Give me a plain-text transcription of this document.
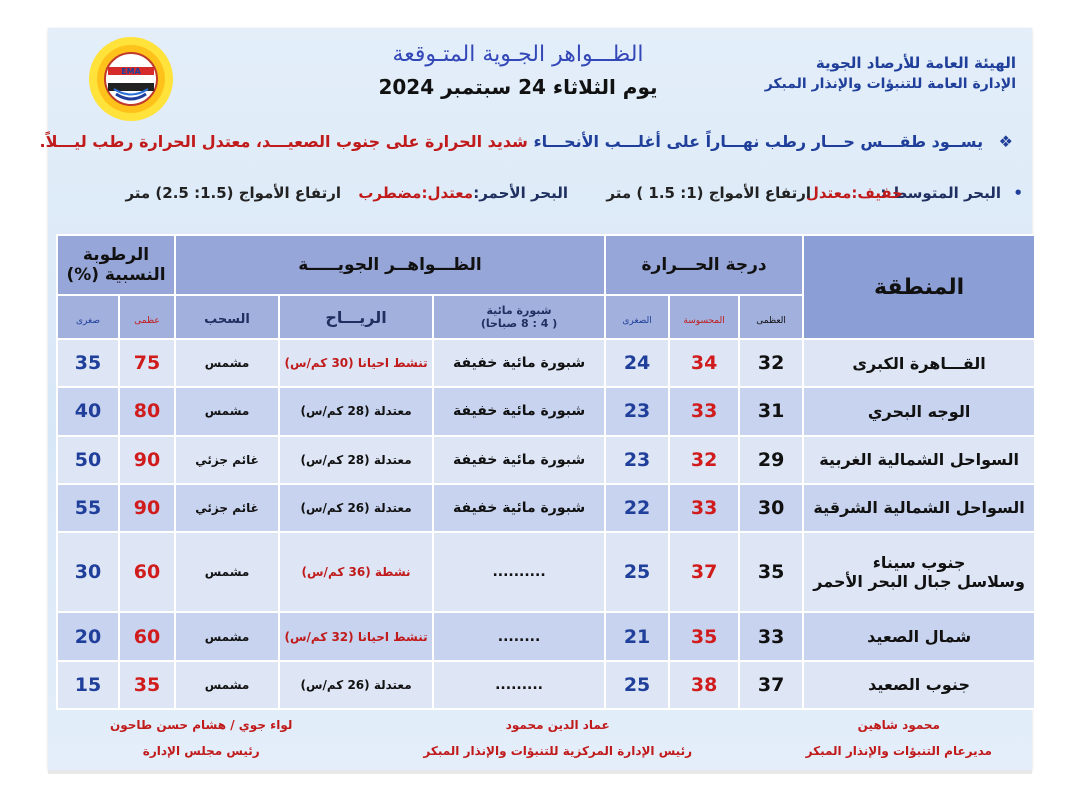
EMA
الظـــواهر الجـوية المتـوقعة
يوم الثلاثاء 24 سبتمبر 2024
الهيئة العامة للأرصاد الجوية
الإدارة العامة للتنبؤات والإنذار المبكر
❖ يســود طقـــس حـــار رطب نهـــاراً على أغلـــب الأنحـــاء شديد الحرارة على جنوب الصعيـــد، معتدل الحرارة رطب ليـــلاً.
•
البحر المتوسط :
خفيف:معتدل
ارتفاع الأمواج (1: 1.5 ) متر
البحر الأحمر:
معتدل:مضطرب
ارتفاع الأمواج (1.5: 2.5) متر
المنطقة	درجة الحـــرارة			الظـــواهــر الجويـــــة			الرطوبة النسبية (%)	
	العظمى	المحسوسة	الصغرى	شبورة مائية
( 4 : 8 صباحا)	الريـــاح	السحب	عظمى	صغرى
القـــاهرة الكبرى	32	34	24	شبورة مائية خفيفة	تنشط احيانا (30 كم/س)	مشمس	75	35
الوجه البحري	31	33	23	شبورة مائية خفيفة	معتدلة (28 كم/س)	مشمس	80	40
السواحل الشمالية الغربية	29	32	23	شبورة مائية خفيفة	معتدلة (28 كم/س)	غائم جزئي	90	50
السواحل الشمالية الشرقية	30	33	22	شبورة مائية خفيفة	معتدلة (26 كم/س)	غائم جزئي	90	55

جنوب سيناء
وسلاسل جبال البحر الأحمر	35	37	25	..........	نشطة (36 كم/س)	مشمس	60	30
شمال الصعيد	33	35	21	........	تنشط احيانا (32 كم/س)	مشمس	60	20
جنوب الصعيد	37	38	25	.........	معتدلة (26 كم/س)	مشمس	35	15
محمود شاهين
مديرعام التنبؤات والإنذار المبكر
عماد الدين محمود
رئيس الإدارة المركزية للتنبؤات والإنذار المبكر
لواء جوي / هشام حسن طاحون
رئيس مجلس الإدارة
